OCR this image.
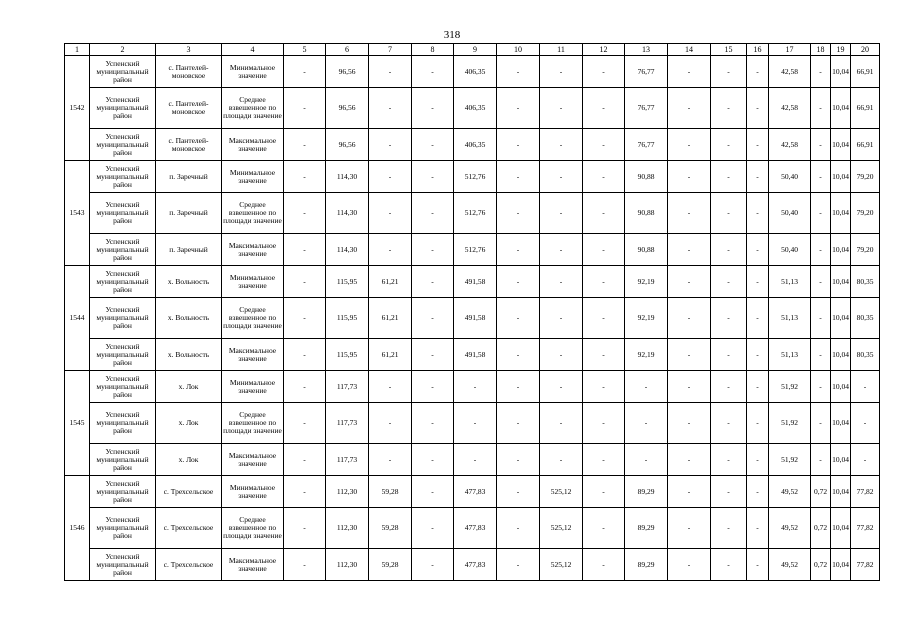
318
1	2	3	4	5	6	7	8	9	10	11	12	13	14	15	16	17	18	19	20
1542	Успенский муниципальный район	с. Пантелей-моновское	Минимальное значение	-	96,56	-	-	406,35	-	-	-	76,77	-	-	-	42,58	-	10,04	66,91
	Успенский муниципальный район	с. Пантелей-моновское	Среднее взвешенное по площади значение	-	96,56	-	-	406,35	-	-	-	76,77	-	-	-	42,58	-	10,04	66,91
	Успенский муниципальный район	с. Пантелей-моновское	Максимальное значение	-	96,56	-	-	406,35	-	-	-	76,77	-	-	-	42,58	-	10,04	66,91
1543	Успенский муниципальный район	п. Заречный	Минимальное значение	-	114,30	-	-	512,76	-	-	-	90,88	-	-	-	50,40	-	10,04	79,20
	Успенский муниципальный район	п. Заречный	Среднее взвешенное по площади значение	-	114,30	-	-	512,76	-	-	-	90,88	-	-	-	50,40	-	10,04	79,20
	Успенский муниципальный район	п. Заречный	Максимальное значение	-	114,30	-	-	512,76	-	-	-	90,88	-	-	-	50,40	-	10,04	79,20
1544	Успенский муниципальный район	х. Вольность	Минимальное значение	-	115,95	61,21	-	491,58	-	-	-	92,19	-	-	-	51,13	-	10,04	80,35
	Успенский муниципальный район	х. Вольность	Среднее взвешенное по площади значение	-	115,95	61,21	-	491,58	-	-	-	92,19	-	-	-	51,13	-	10,04	80,35
	Успенский муниципальный район	х. Вольность	Максимальное значение	-	115,95	61,21	-	491,58	-	-	-	92,19	-	-	-	51,13	-	10,04	80,35
1545	Успенский муниципальный район	х. Лок	Минимальное значение	-	117,73	-	-	-	-	-	-	-	-	-	-	51,92	-	10,04	-
	Успенский муниципальный район	х. Лок	Среднее взвешенное по площади значение	-	117,73	-	-	-	-	-	-	-	-	-	-	51,92	-	10,04	-
	Успенский муниципальный район	х. Лок	Максимальное значение	-	117,73	-	-	-	-	-	-	-	-	-	-	51,92	-	10,04	-
1546	Успенский муниципальный район	с. Трехсельское	Минимальное значение	-	112,30	59,28	-	477,83	-	525,12	-	89,29	-	-	-	49,52	0,72	10,04	77,82
	Успенский муниципальный район	с. Трехсельское	Среднее взвешенное по площади значение	-	112,30	59,28	-	477,83	-	525,12	-	89,29	-	-	-	49,52	0,72	10,04	77,82
	Успенский муниципальный район	с. Трехсельское	Максимальное значение	-	112,30	59,28	-	477,83	-	525,12	-	89,29	-	-	-	49,52	0,72	10,04	77,82
